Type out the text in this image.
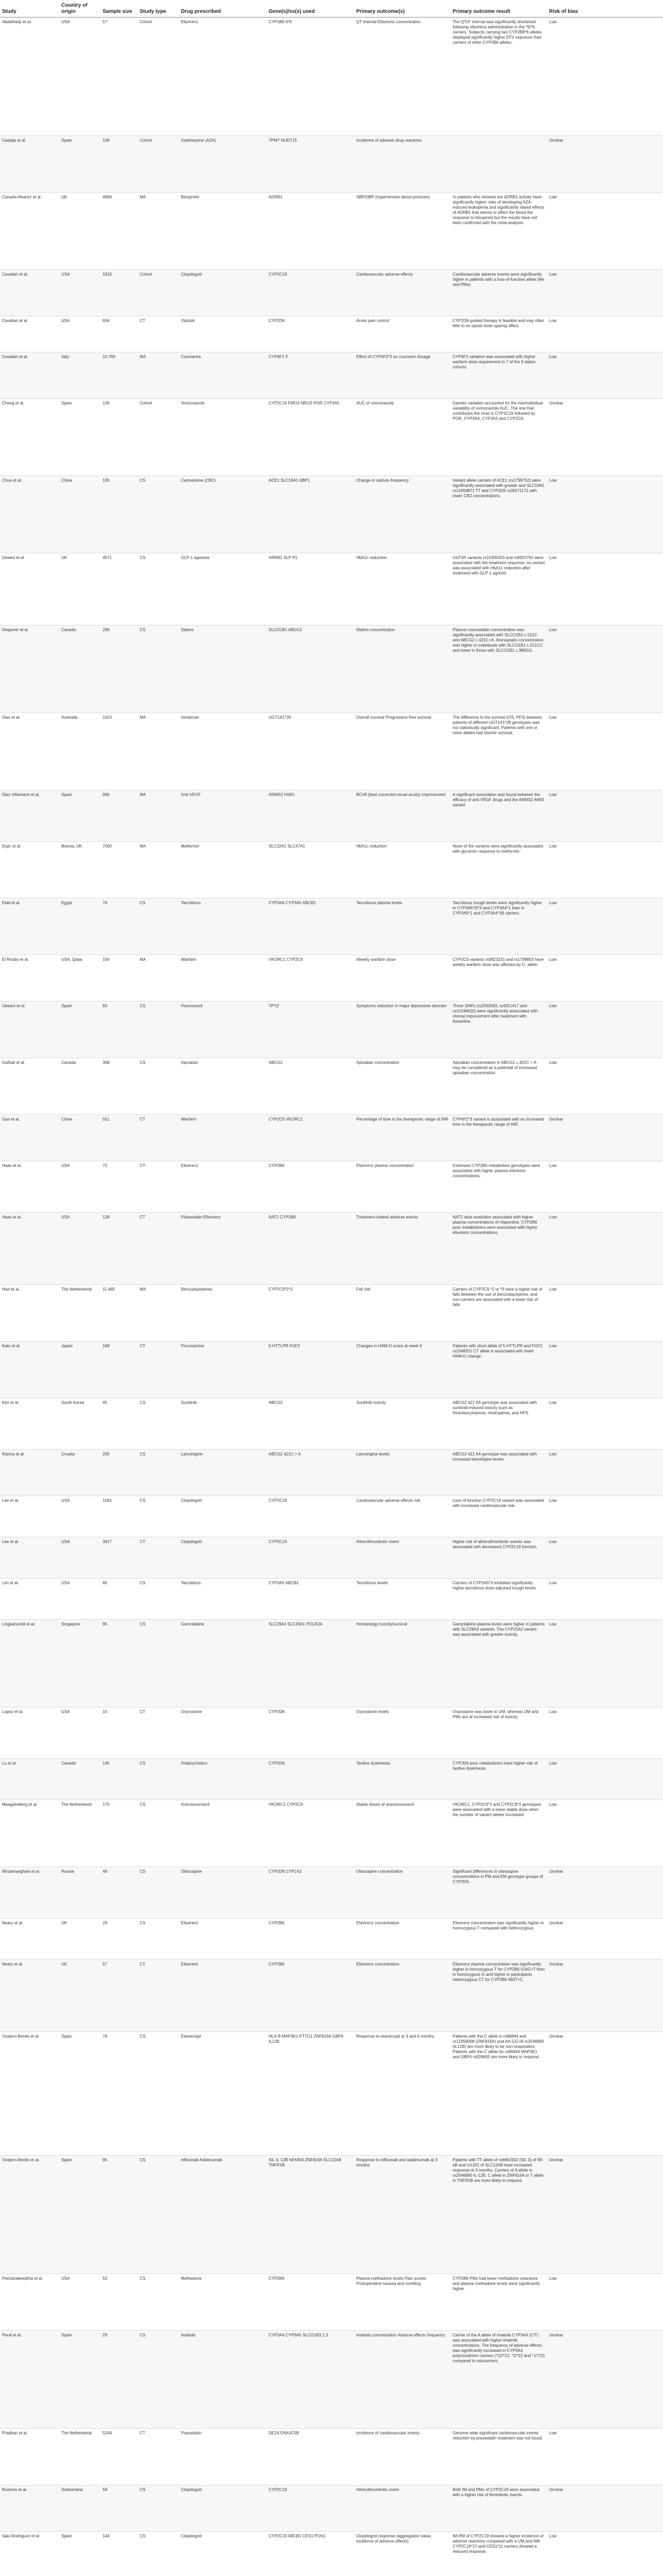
Study	Country of origin	Sample size	Study type	Drug prescribed	Gene(s)/ss(s) used	Primary outcome(s)	Primary outcome result	Risk of bias
Abdelhady et al.	USA	57	Cohort	Efavirenz	CYP2B6 6*6	QT interval Efavirenz concentration	The QTcF interval was significantly shortened following efavirenz administration in the *6/*6 carriers. Subjects carrying two CYP2B6*6 alleles displayed significantly higher EFV exposure than carriers of other CYP2B6 alleles.	Low
Cadalja et al.	Spain	108	Cohort	Azathioprine (AZA)	TPMT NUDT15	Incidence of adverse drug reactions		Unclear
Canada-Alvarez et al.	UK	4666	MA	Bisoprolol	ADRB1	SBP/DBP (hypertension blood pressure)	In patients who showed low ADRB1 activity have significantly higher risks of developing AZA-induced leukopenia and significantly raised effects of ADRB1 that seems to affect the blood the response to bisoprolol but the results have not been confirmed with the meta-analysis.	Low
Cavallari et al.	USA	1815	Cohort	Clopidogrel	CYP2C19	Cardiovascular adverse effects	Cardiovascular adverse events were significantly higher in patients with a loss-of-function allele (Me and PMs).	Low
Cavallari et al.	USA	604	CT	Opioids	CYP2D6	Acute pain control	CYP2D6-guided therapy is feasible and may often little to no opioid dose sparing effect.	Low
Cavallari et al.	Italy	10,784	MA	Coumarins	CYP4F2 3	Effect of CYP4F2*3 on coumarin dosage	CYP4F2 variation was associated with higher warfarin dose requirement in 7 of the 9 states cohorts.	Low
Cheng et al.	Spain	126	Cohort	Voriconazole	CYP2C19 FMO3 NR1I2 POR CYP3A5	AUC of voriconazole	Genetic variation accounted for the interindividual variability of voriconazole AUC. The one that contributes the most is CYP2C19 followed by POR, CYP3A4, CYP3A5 and CYP2C9.	Unclear
Chua et al.	China	105	CS	Carmazeine (CBC)	ACE1 SLC19A1 ABP1	Change in seizure frequency	Variant allele carriers of ACE1 (rs1799752) were significantly associated with greater and SLC19A1 rs12659871 TT and CYP2D6 rs35571172 with lower CBZ concentrations.	Low
Dawed et al.	UK	4571	CS	GLP-1 agonists	ARRB1 SLP P1	HbA1c reduction	GLP1R variants rs10305420 and rs6923761 were associated with the treatment response; no variant was associated with HbA1c reduction after treatment with GLP-1 agonist.	Low
Delgoner et al.	Canada	299	CS	Statins	SLCO1B1 ABCG2	Statins concentration	Plasma rosuvastatin concentration was significantly associated with SLCO1B1 c.521C and ABCG2 c.421C>A. Atorvastatin concentration was higher in individuals with SLCO1B1 c.521CC and lower in those with SLCO1B1 c.388GG.	Low
Dias et al.	Australia	1623	MA	Irinotecan	UGT1A1*28	Overall survival Progression-free survival	The difference in the survival (OS, PFS) between patients of different UGT1A1*28 genotypes was not statistically significant. Patients with one or more alleles had shorter survival.	Low
Diaz-Villamarin et al.	Spain	900	MA	Anti-VEGF	ARMS2 HSR1	BCVA (best corrected visual acuity) improvement	A significant association was found between the efficacy of anti-VEGF drugs and the ARMS2 A69S variant.	Low
Dujic et al.	Bosnia, UK	7000	MA	Metformin	SLC22A1 SLC47A1	HbA1c reduction	None of the variants were significantly associated with glycemic response to metformin.	Low
Ebid et al.	Egypt	76	CS	Tacrolimus	CYP3A4 CYP3A5 ABCB1	Tacrolimus plasma levels	Tacrolimus trough levels were significantly higher in CYP3A5*3/*3 and CYP3A4*1 than in CYP3A5*1 and CYP3A4*1B carriers.	Low
El Rouby et al.	USA, Qatar	156	MA	Warfarin	VKORC1 CYP2C9	Weekly warfarin dose	CYP2C9 variants rs9923231 and rs1799853 have weekly warfarin dose was affected by C- allele.	Low
Gbeani et al.	Spain	83	CS	Fluorouracil	TPYZ	Symptoms reduction in major depressive disorder	Three SNPs (rs2032583, rs4251417 and rs10248420) were significantly associated with clinical improvement after treatment with fluoxetine.	Low
Gulhati et al.	Canada	308	CS	Apixaban	ABCG2	Apixaban concentration	Apixaban concentration in ABCG2 c.421C > A may be considered as a potential of increased apixaban concentration.	Low
Guo et al.	China	551	CT	Warfarin	CYP2C9 VKORC1	Percentage of time in the therapeutic range of INR	CYP4F2*3 variant is associated with an increased time in the therapeutic range of INR.	Unclear
Haas et al.	USA	72	CT	Efavirenz	CYP2B6	Efavirenz plasma concentration	Extensive CYP2B6 metabolizer genotypes were associated with higher plasma efavirenz concentrations.	Low
Haas et al.	USA	128	CT	Pitavastatin Efavirenz	NAT2 CYP2B6	Treatment-related adverse events	NAT2 slow acetylator associated with higher plasma concentrations of rifapentine. CYP2B6 poor metabolizers were associated with higher efavirenz concentrations.	Low
Hart et al.	The Netherlands	11,485	MA	Benzodiazepines	CYP2C9*2*3	Fall risk	Carriers of CYP2C9 *2 or *3 have a higher risk of falls between the use of benzodiazepines, and non-carriers are associated with a lower risk of falls.	Low
Kato et al.	Japan	168	CT	Fluvoxamine	5-HTTLPR FGF2	Changes in HAM-D score at week 6	Patients with short allele of 5-HTTLPR and FGF2 rs1048201 CT allele is associated with lower HAM-D change.	Low
Kim et al.	South Korea	65	CS	Sunitinib	ABCG2	Sunitinib toxicity	ABCG2 421 AA genotype was associated with sunitinib-induced toxicity such as thrombocytopenia, neutropenia, and HFS.	Low
Klarica et al.	Croatia	205	CS	Lamotrigine	ABCG2 421C > A	Lamotrigine levels	ABCG2 421 AA genotype was associated with increased lamotrigine levels.	Low
Lee et al.	USA	1193	CS	Clopidogrel	CYP2C19	Cardiovascular adverse effects risk	Loss of function CYP2C19 variant was associated with increased cardiovascular risk.	Low
Lee et al.	USA	3917	CT	Clopidogrel	CYP2C19	Atherothrombotic event	Higher risk of atherothrombotic events was associated with decreased CYP2C19 function.	Low
Lim et al.	USA	65	CS	Tacrolimus	CYP3A5 ABCB1	Tacrolimus levels	Carriers of CYP3A5*3 exhibited significantly higher tacrolimus dose-adjusted trough levels.	Low
Lingkahunidi et al.	Singapore	95	CS	Gemcitabine	SLC28A3 SLC29A1 POLR2A	Hematology toxicity/survival	Gemcitabine plasma levels were higher in patients with SLC28A3 variants. The CYP21A2 variant was associated with greater toxicity.	Low
Lopez et al.	USA	15	CT	Oxycodone	CYP2D6	Oxycodone levels	Oxycodone was lower in UM, whereas UM and PMs are at increased risk of toxicity.	Low
Lu et al.	Canada	145	CS	Antipsychotics	CYP2D6	Tardive dyskinesia	CYP2D6 poor metabolizers have higher risk of tardive dyskinesia.	Low
Maagdenberg et al.	The Netherlands	175	CS	Acenocoumarol	VKORC1 CYP2C9	Stable doses of acenocoumarol	VKORC1, CYP2C9*2 and CYP2C9*3 genotypes were associated with a lower stable dose when the number of variant alleles increased.	Low
Mirzaimarghani et al.	Russia	49	CS	Olanzapine	CYP2D6 CYP1A2	Olanzapine concentration	Significant differences in olanzapine concentrations in PM and EM genotype groups of CYP2D6.	Unclear
Neary et al.	UK	28	CS	Efavirenz	CYP2B6	Efavirenz concentration	Efavirenz concentration was significantly higher in homozygous T compared with heterozygous.	Unclear
Neary et al.	UK	57	CT	Efavirenz	CYP2B6	Efavirenz concentration	Efavirenz plasma concentration was significantly higher in homozygous T for CYP2B6 516G>T than in homozygous G and higher in participants heterozygous CT for CYP2B6 983T>C.	Unclear
Ovejero-Benito et al.	Spain	78	CS	Etanercept	HLA-B MAP3K1 PTTG1 ZNF816A GBP6 IL12B	Response to etanercept at 3 and 6 months	Patients with the C allele in rs96844 and rs12459008 (ZNF816A) and AA-GG-IA rs2546890 (IL12B) are more likely to be non-responders. Patients with the C allele for rs96844 MAP3K1 and GBP6 rs928655 are more likely to respond.	Unclear
Ovejero-Benito et al.	Spain	95	CS	Infliximab Adalimumab	SIL IL-12B NFKBIA ZNF816A SLC12A8 TNFR1B	Response to infliximab and adalimumab at 3 months	Patients with TT allele of rs6661932 (SIL 3) of NF-κB and rs1201 of SLC12A8 have increased response at 3 months. Carriers of A allele in rs2546890 IL-12B, C allele in ZNF816A or T allele in TNFR1B are more likely to respond.	Unclear
Pechanakeeptha et al.	USA	53	CS	Methadone	CYP2B6	Plasma methadone levels Pain scores Postoperative nausea and vomiting	CYP2B6 PMs had lower methadone clearance and plasma methadone levels were significantly higher.	Low
Perdi et al.	Spain	29	CS	Imatinib	CYP3A4 CYP3A5 SLCO1B3 1,3	Imatinib concentration Adverse effects frequency	Carrier of the A allele of imatinib CYP3A4 (C/T) was associated with higher imatinib concentrations. The frequency of adverse effects was significantly increased in CYP3A4 polymorphism carriers (*22/*22, *1/*22 and *1/*22) compared to noncarriers.	Unclear
Pradhan et al.	The Netherlands	5244	CT	Pravastatin	DEZ4 DNAJC5B	Incidence of cardiovascular events	Genome wide significant cardiovascular events reduction by pravastatin treatment was not found.	Low
Rusironi et al.	Switzerland	58	CS	Clopidogrel	CYP2C19	Atherothrombotic event	Both IM and PMs of CYP2C19 were associated with a higher risk of thrombotic events.	Unclear
Saiz-Rodriguez et al.	Spain	144	CS	Clopidogrel	CYP2C19 ABCB1 CES1 PON1	Clopidogrel response (aggregation value, incidence of adverse effects)	IM-PM of CYP2C19 showed a higher incidence of adverse reactions compared with a UM and NM. CYP2C19*17 and CES1*11 carriers showed a reduced response.	Low
